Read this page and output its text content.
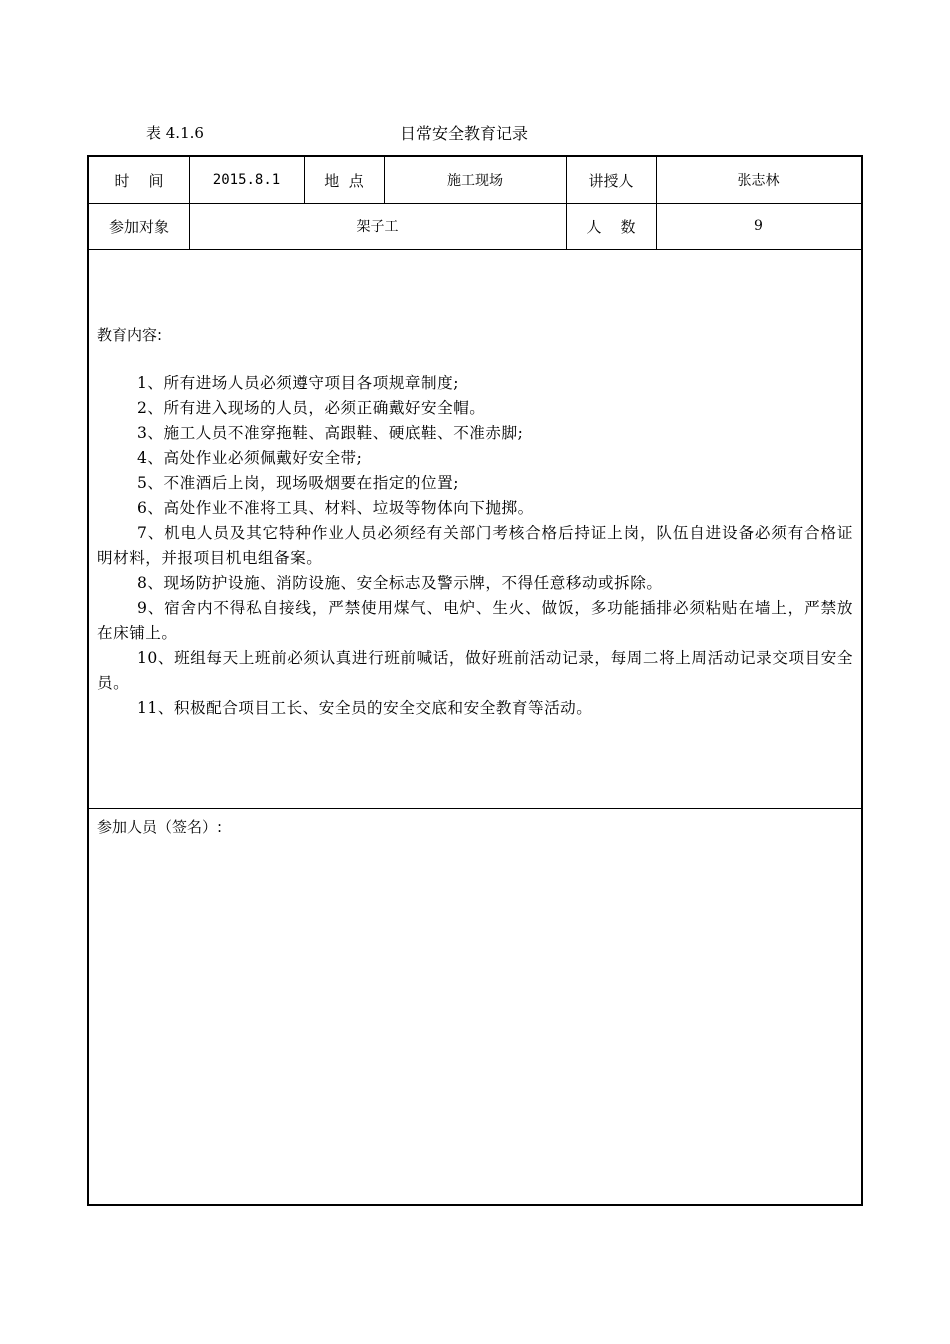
表 4.1.6	日常安全教育记录
时    间	2015.8.1	地  点	施工现场	讲授人	张志林
参加对象	架子工	人    数	9
教育内容:
1、所有进场人员必须遵守项目各项规章制度;
2、所有进入现场的人员，必须正确戴好安全帽。
3、施工人员不准穿拖鞋、高跟鞋、硬底鞋、不准赤脚;
4、高处作业必须佩戴好安全带;
5、不准酒后上岗，现场吸烟要在指定的位置;
6、高处作业不准将工具、材料、垃圾等物体向下抛掷。
7、机电人员及其它特种作业人员必须经有关部门考核合格后持证上岗，队伍自进设备必须有合格证明材料，并报项目机电组备案。
8、现场防护设施、消防设施、安全标志及警示牌，不得任意移动或拆除。
9、宿舍内不得私自接线，严禁使用煤气、电炉、生火、做饭，多功能插排必须粘贴在墙上，严禁放在床铺上。
10、班组每天上班前必须认真进行班前喊话，做好班前活动记录，每周二将上周活动记录交项目安全员。
11、积极配合项目工长、安全员的安全交底和安全教育等活动。
参加人员（签名）:
